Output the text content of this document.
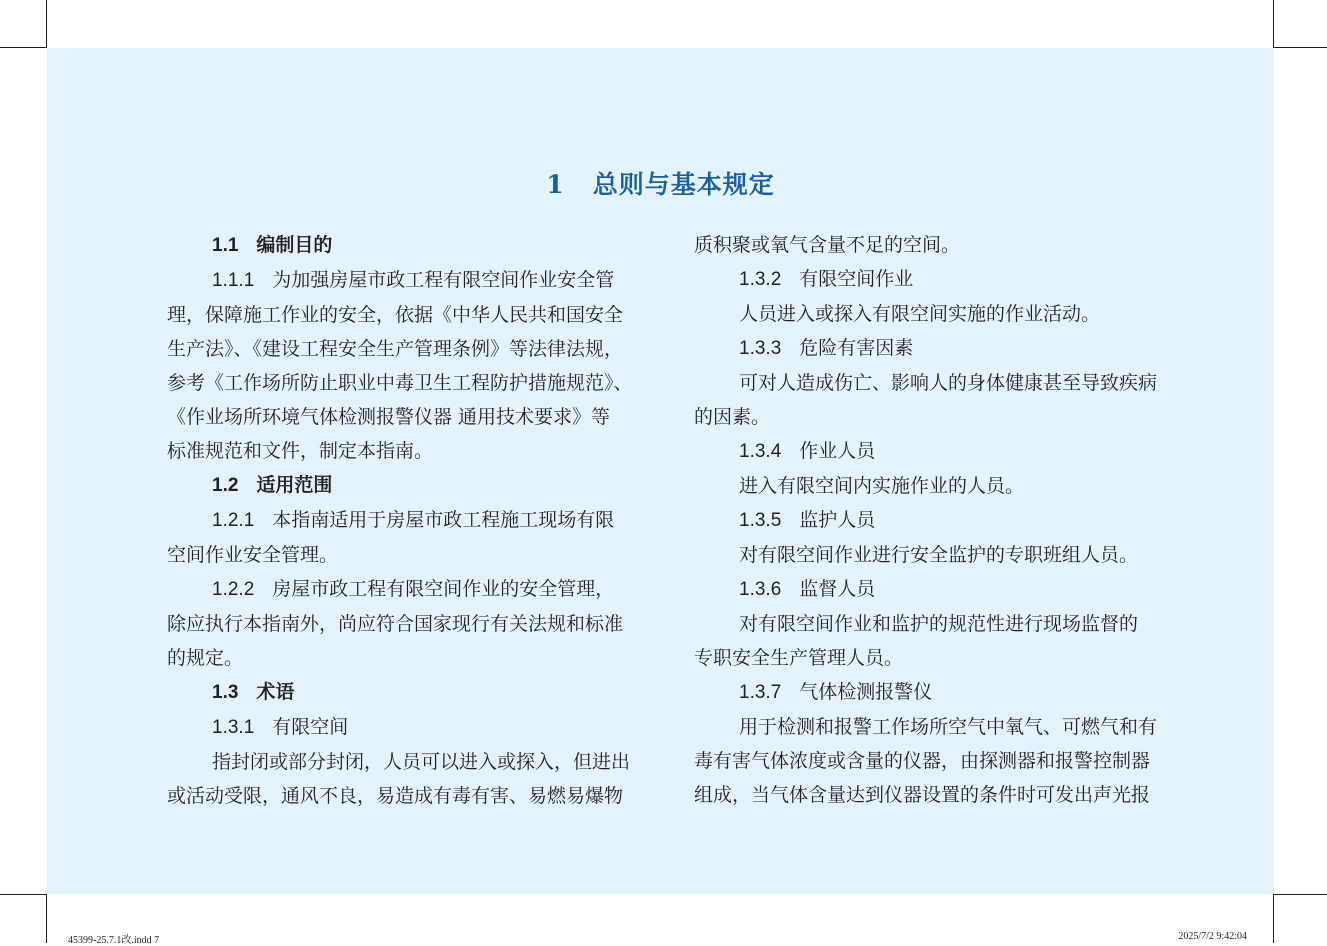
1 总则与基本规定

1.1 编制目的

1.1.1 为加强房屋市政工程有限空间作业安全管

理，保障施工作业的安全，依据《中华人民共和国安全

生产法》、《建设工程安全生产管理条例》等法律法规，

参考《工作场所防止职业中毒卫生工程防护措施规范》、

《作业场所环境气体检测报警仪器 通用技术要求》等

标准规范和文件，制定本指南。

1.2 适用范围

1.2.1 本指南适用于房屋市政工程施工现场有限

空间作业安全管理。

1.2.2 房屋市政工程有限空间作业的安全管理，

除应执行本指南外，尚应符合国家现行有关法规和标准

的规定。

1.3 术语

1.3.1 有限空间

指封闭或部分封闭，人员可以进入或探入，但进出

或活动受限，通风不良，易造成有毒有害、易燃易爆物

质积聚或氧气含量不足的空间。

1.3.2 有限空间作业

人员进入或探入有限空间实施的作业活动。

1.3.3 危险有害因素

可对人造成伤亡、影响人的身体健康甚至导致疾病

的因素。

1.3.4 作业人员

进入有限空间内实施作业的人员。

1.3.5 监护人员

对有限空间作业进行安全监护的专职班组人员。

1.3.6 监督人员

对有限空间作业和监护的规范性进行现场监督的

专职安全生产管理人员。

1.3.7 气体检测报警仪

用于检测和报警工作场所空气中氧气、可燃气和有

毒有害气体浓度或含量的仪器，由探测器和报警控制器

组成，当气体含量达到仪器设置的条件时可发出声光报

45399-25.7.1改.indd 7	2025/7/2 9:42:04
